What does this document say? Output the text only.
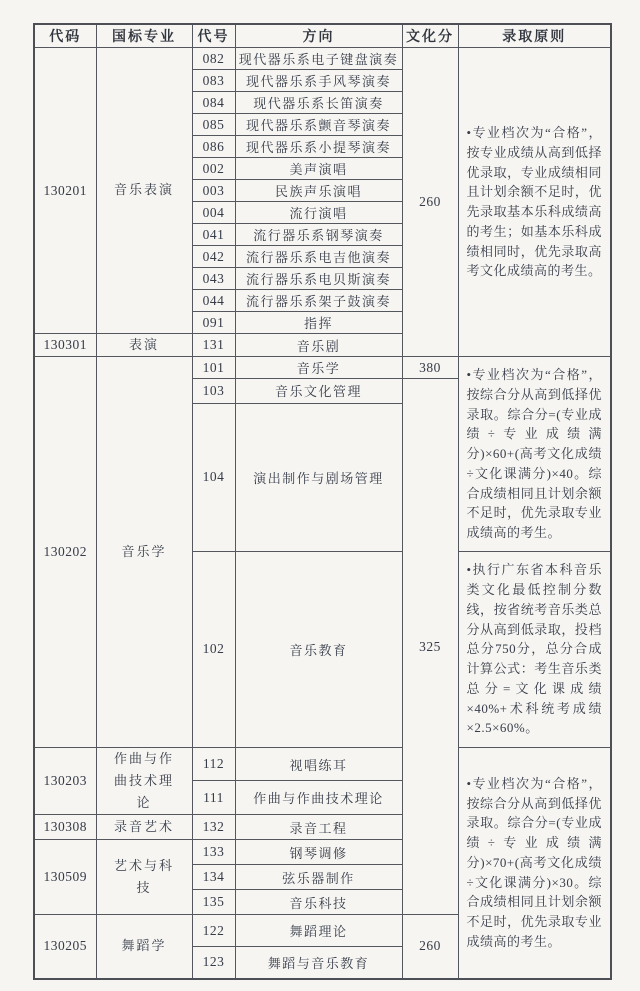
代码	国标专业	代号	方向	文化分	录取原则
130201	音乐表演	082	现代器乐系电子键盘演奏	260	•专业档次为“合格”，按专业成绩从高到低择优录取，专业成绩相同且计划余额不足时，优先录取基本乐科成绩高的考生；如基本乐科成绩相同时，优先录取高考文化成绩高的考生。
		083	现代器乐系手风琴演奏		
		084	现代器乐系长笛演奏		
		085	现代器乐系颤音琴演奏		
		086	现代器乐系小提琴演奏		
		002	美声演唱		
		003	民族声乐演唱		
		004	流行演唱		
		041	流行器乐系钢琴演奏		
		042	流行器乐系电吉他演奏		
		043	流行器乐系电贝斯演奏		
		044	流行器乐系架子鼓演奏		
		091	指挥		
130301	表演	131	音乐剧		
130202	音乐学	101	音乐学	380	•专业档次为“合格”，按综合分从高到低择优录取。综合分=(专业成绩÷专业成绩满分)×60+(高考文化成绩÷文化课满分)×40。综合成绩相同且计划余额不足时，优先录取专业成绩高的考生。
		103	音乐文化管理	325	
		104	演出制作与剧场管理		
		102	音乐教育		•执行广东省本科音乐类文化最低控制分数线，按省统考音乐类总分从高到低录取，投档总分750分，总分合成计算公式：考生音乐类总分=文化课成绩×40%+术科统考成绩×2.5×60%。
130203	作曲与作曲技术理论	112	视唱练耳		•专业档次为“合格”，按综合分从高到低择优录取。综合分=(专业成绩÷专业成绩满分)×70+(高考文化成绩÷文化课满分)×30。综合成绩相同且计划余额不足时，优先录取专业成绩高的考生。
		111	作曲与作曲技术理论		
130308	录音艺术	132	录音工程		
130509	艺术与科技	133	钢琴调修		
		134	弦乐器制作		
		135	音乐科技		
130205	舞蹈学	122	舞蹈理论	260	
		123	舞蹈与音乐教育		
